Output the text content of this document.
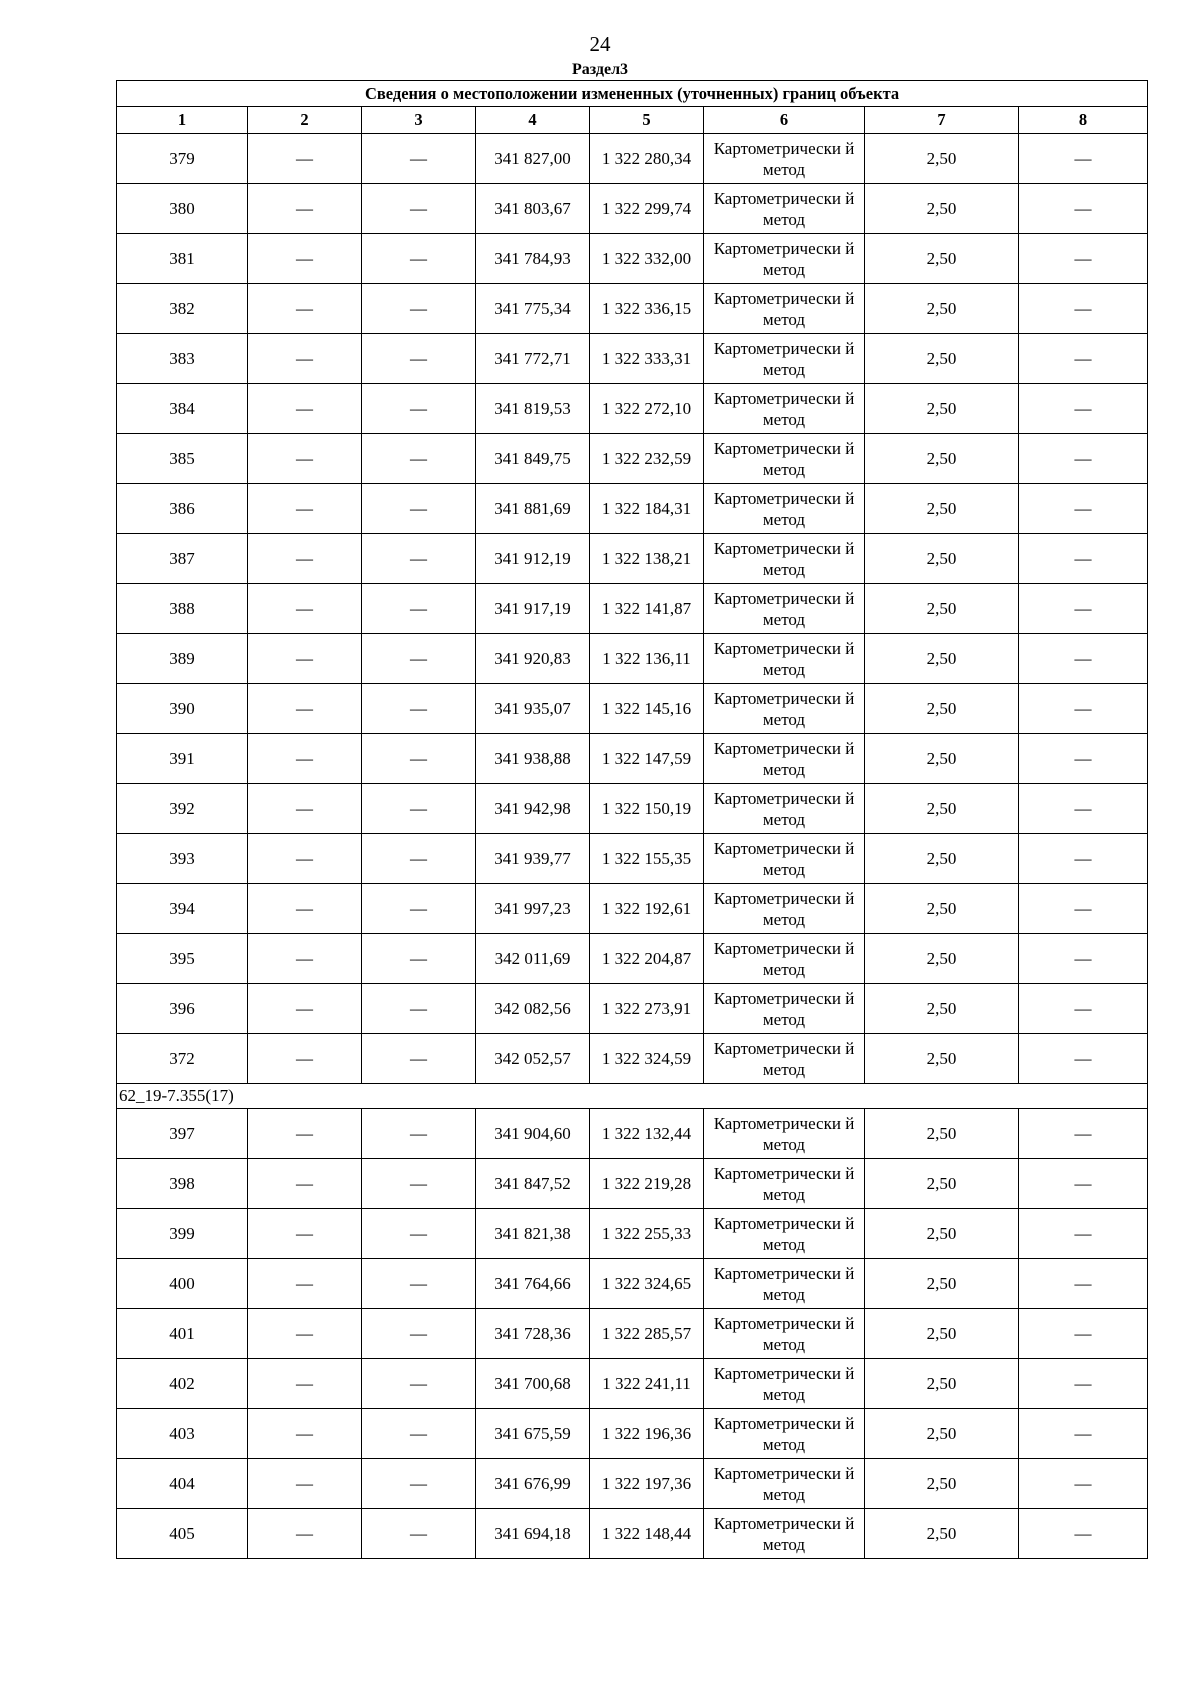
24
Раздел3
Сведения о местоположении измененных (уточненных) границ объекта							
1	2	3	4	5	6	7	8
379	—	—	341 827,00	1 322 280,34	Картометрически й метод	2,50	—
380	—	—	341 803,67	1 322 299,74	Картометрически й метод	2,50	—
381	—	—	341 784,93	1 322 332,00	Картометрически й метод	2,50	—
382	—	—	341 775,34	1 322 336,15	Картометрически й метод	2,50	—
383	—	—	341 772,71	1 322 333,31	Картометрически й метод	2,50	—
384	—	—	341 819,53	1 322 272,10	Картометрически й метод	2,50	—
385	—	—	341 849,75	1 322 232,59	Картометрически й метод	2,50	—
386	—	—	341 881,69	1 322 184,31	Картометрически й метод	2,50	—
387	—	—	341 912,19	1 322 138,21	Картометрически й метод	2,50	—
388	—	—	341 917,19	1 322 141,87	Картометрически й метод	2,50	—
389	—	—	341 920,83	1 322 136,11	Картометрически й метод	2,50	—
390	—	—	341 935,07	1 322 145,16	Картометрически й метод	2,50	—
391	—	—	341 938,88	1 322 147,59	Картометрически й метод	2,50	—
392	—	—	341 942,98	1 322 150,19	Картометрически й метод	2,50	—
393	—	—	341 939,77	1 322 155,35	Картометрически й метод	2,50	—
394	—	—	341 997,23	1 322 192,61	Картометрически й метод	2,50	—
395	—	—	342 011,69	1 322 204,87	Картометрически й метод	2,50	—
396	—	—	342 082,56	1 322 273,91	Картометрически й метод	2,50	—
372	—	—	342 052,57	1 322 324,59	Картометрически й метод	2,50	—
62_19-7.355(17)							
397	—	—	341 904,60	1 322 132,44	Картометрически й метод	2,50	—
398	—	—	341 847,52	1 322 219,28	Картометрически й метод	2,50	—
399	—	—	341 821,38	1 322 255,33	Картометрически й метод	2,50	—
400	—	—	341 764,66	1 322 324,65	Картометрически й метод	2,50	—
401	—	—	341 728,36	1 322 285,57	Картометрически й метод	2,50	—
402	—	—	341 700,68	1 322 241,11	Картометрически й метод	2,50	—
403	—	—	341 675,59	1 322 196,36	Картометрически й метод	2,50	—
404	—	—	341 676,99	1 322 197,36	Картометрически й метод	2,50	—
405	—	—	341 694,18	1 322 148,44	Картометрически й метод	2,50	—
